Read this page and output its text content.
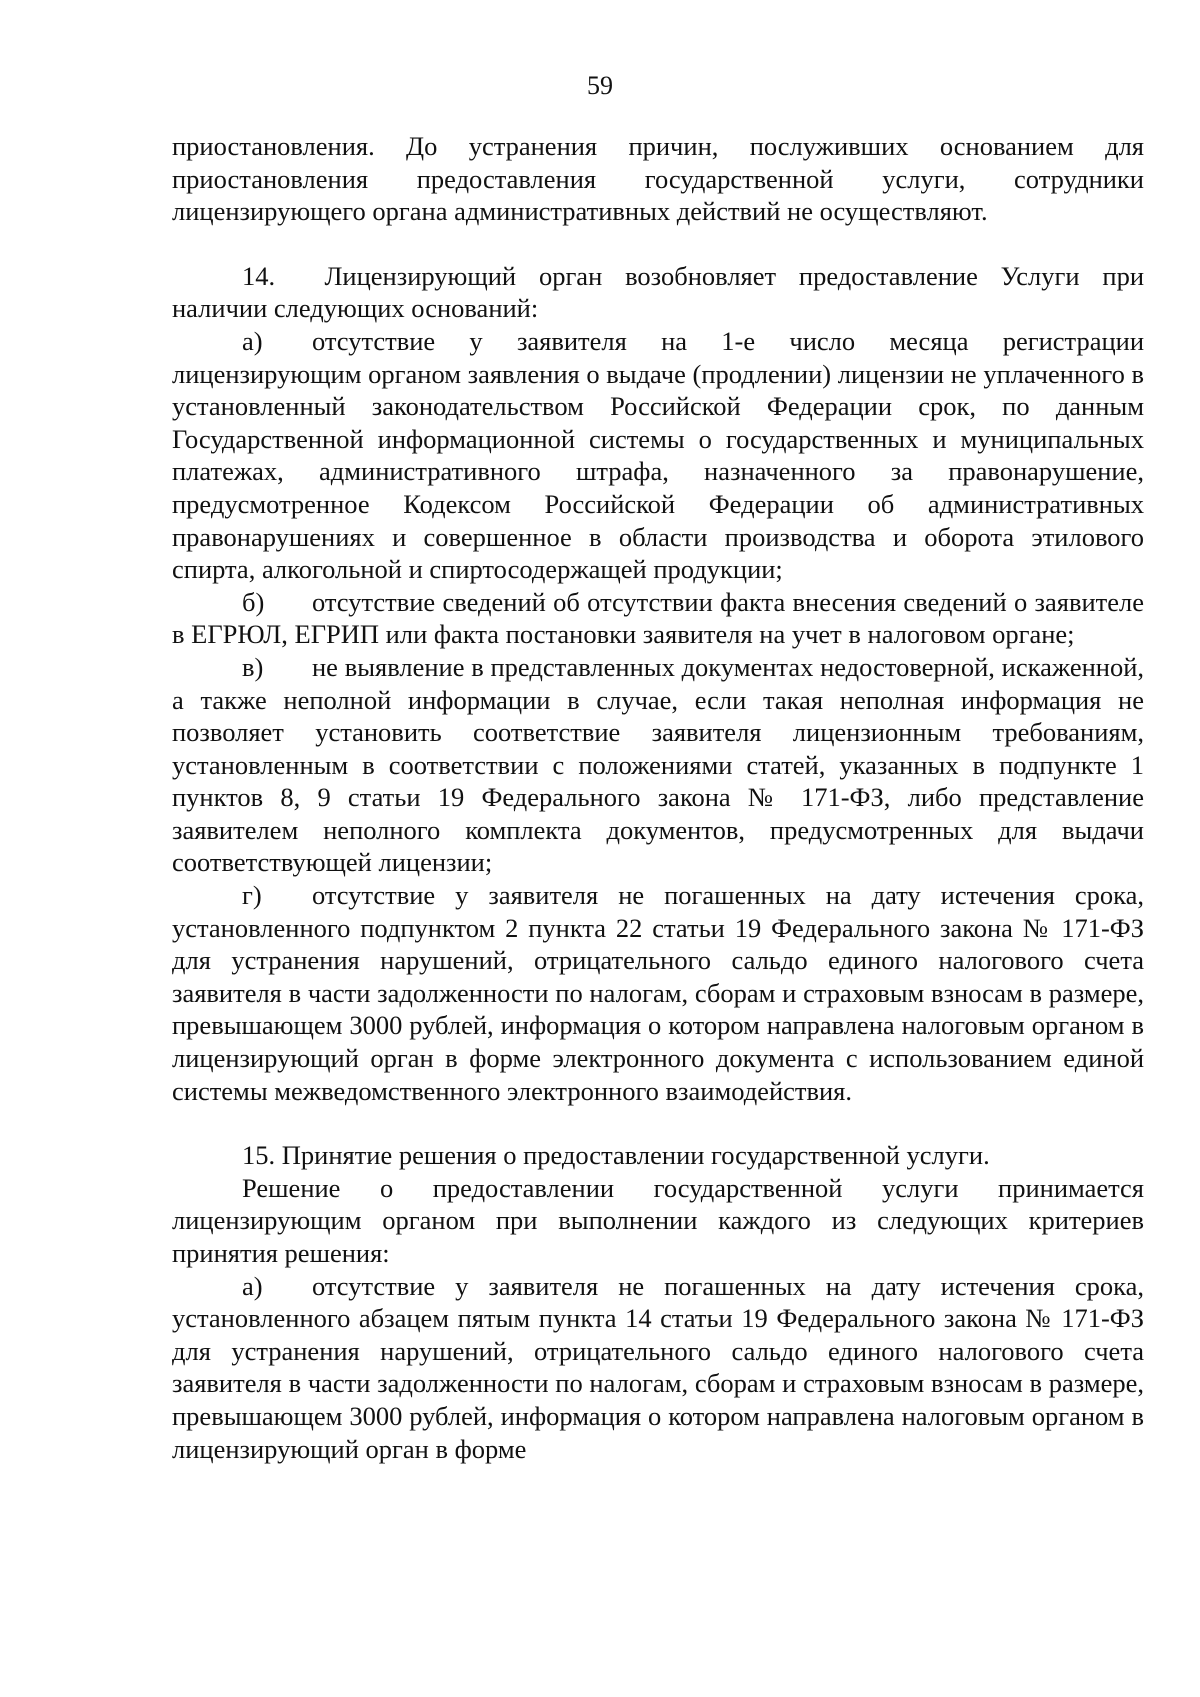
59

приостановления. До устранения причин, послуживших основанием для приостановления предоставления государственной услуги, сотрудники лицензирующего органа административных действий не осуществляют.

14.  Лицензирующий орган возобновляет предоставление Услуги при наличии следующих оснований:

а) отсутствие у заявителя на 1-е число месяца регистрации лицензирующим органом заявления о выдаче (продлении) лицензии не уплаченного в установленный законодательством Российской Федерации срок, по данным Государственной информационной системы о государственных и муниципальных платежах, административного штрафа, назначенного за правонарушение, предусмотренное Кодексом Российской Федерации об административных правонарушениях и совершенное в области производства и оборота этилового спирта, алкогольной и спиртосодержащей продукции;

б) отсутствие сведений об отсутствии факта внесения сведений о заявителе в ЕГРЮЛ, ЕГРИП или факта постановки заявителя на учет в налоговом органе;

в) не выявление в представленных документах недостоверной, искаженной, а также неполной информации в случае, если такая неполная информация не позволяет установить соответствие заявителя лицензионным требованиям, установленным в соответствии с положениями статей, указанных в подпункте 1 пунктов 8, 9 статьи 19 Федерального закона № 171-ФЗ, либо представление заявителем неполного комплекта документов, предусмотренных для выдачи соответствующей лицензии;

г) отсутствие у заявителя не погашенных на дату истечения срока, установленного подпунктом 2 пункта 22 статьи 19 Федерального закона № 171-ФЗ для устранения нарушений, отрицательного сальдо единого налогового счета заявителя в части задолженности по налогам, сборам и страховым взносам в размере, превышающем 3000 рублей, информация о котором направлена налоговым органом в лицензирующий орган в форме электронного документа с использованием единой системы межведомственного электронного взаимодействия.

15. Принятие решения о предоставлении государственной услуги.

Решение о предоставлении государственной услуги принимается лицензирующим органом при выполнении каждого из следующих критериев принятия решения:

а) отсутствие у заявителя не погашенных на дату истечения срока, установленного абзацем пятым пункта 14 статьи 19 Федерального закона № 171-ФЗ для устранения нарушений, отрицательного сальдо единого налогового счета заявителя в части задолженности по налогам, сборам и страховым взносам в размере, превышающем 3000 рублей, информация о котором направлена налоговым органом в лицензирующий орган в форме
